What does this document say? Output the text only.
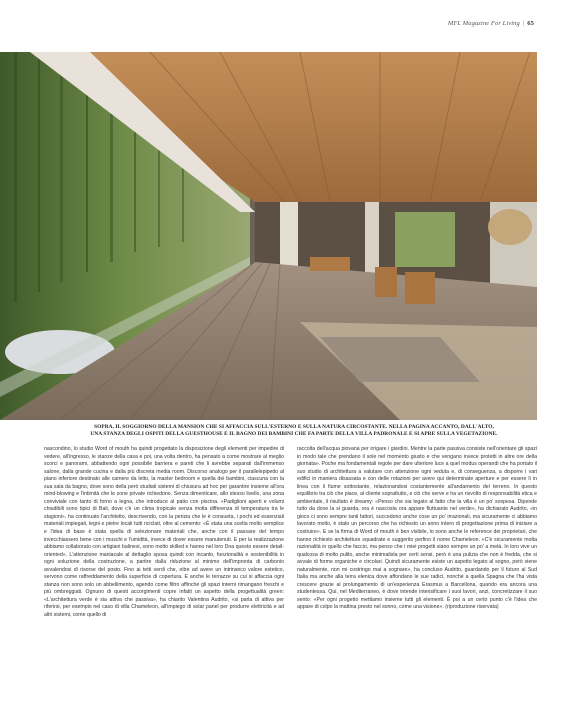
MFL Magazine For Living | 65
SOPRA, IL SOGGIORNO DELLA MANSION CHE SI AFFACCIA SULL'ESTERNO E SULLA NATURA CIRCOSTANTE. NELLA PAGINA ACCANTO, DALL'ALTO, UNA STANZA DEGLI OSPITI DELLA GUESTHOUSE E IL BAGNO DEI BAMBINI CHE FA PARTE DELLA VILLA PADRONALE E SI APRE SULLA VEGETAZIONE.
nascondino, lo studio Word of mouth ha quindi progettato la disposizione degli elementi per impedire di vedere, all'ingresso, le stanze della casa e poi, una volta dentro, ha pensato a come mostrare al meglio scorci e panorami, abbattendo ogni possibile barriera e pareti che li avrebbe separati dall'immenso salone, dalla grande cucina e dalla più discreta media room. Discorso analogo per il parallelepipedo al piano inferiore destinato alle camere da letto, la master bedroom e quella dei bambini, ciascuna con la sua sala da bagno, dove sono della però studiati sistemi di chiusura ad hoc per garantire insieme all'ora mind-blowing e l'intimità che le zone private richiedono. Senza dimenticare, allo stesso livello, una zona conviviale con tanto di forno a legna, che introduce al patio con piscina. «Padiglioni aperti e volumi chiudibili sono tipici di Bali, dove c'è un clima tropicale senza molta differenza di temperatura tra le stagioni», ha continuato l'architetto, descrivendo, con la perizia che le è consueta, i pochi ed essenziali materiali impiegati, legni e pietre locali tutti riciclati, oltre al cemento: «È stata una scelta molto semplice e l'idea di base è stata quella di selezionare materiali che, anche con il passare del tempo invecchiassero bene con i muschi e l'umidità, invece di dover essere manutenuti. E per la realizzazione abbiamo collaborato con artigiani balinesi, sono molto skilled e hanno nel loro Dna questo essere detail-oriented». L'attenzione maniacale al dettaglio sposa quindi con incanto, funzionalità e sostenibilità in ogni soluzione della costruzione, a partire dalla riduzione al minimo dell'impronta di carbonio avvalendosi di risorse del posto. Fino ai tetti verdi che, oltre ad avere un intrinseco valore estetico, servono come raffreddamento della superficie di copertura. E anche le terrazze su cui si affaccia ogni stanza non sono solo un abbellimento, agendo come filtro affinché gli spazi interni rimangano freschi e più ombreggiati. Ognuno di questi accorgimenti copre infatti un aspetto della progettualità green: «L'architettura verde è sia attiva che passiva», ha chiarito Valentina Audrito, «si parla di attiva per riferirsi, per esempio nel caso di villa Chameleon, all'impiego di solar panel per produrre elettricità e ad altri sistemi, come quello di
raccolta dell'acqua piovana per irrigare i giardini. Mentre la parte passiva consiste nell'orientare gli spazi in modo tale che prendano il sole nel momento giusto e che vengano invece protetti in altre ore della giornata». Poche ma fondamentali regole per dare ulteriore luce a quel modus operandi che ha portato il suo studio di architettura a valutare con attenzione ogni veduta e, di conseguenza, a disporre i vari edifici in maniera disassata e con delle rotazioni per avere qui determinate aperture e per essere lì in linea con il fiume sottostante, relazionandosi costantemente all'andamento del terreno. In questo equilibrio tra ciò che piace, al cliente soprattutto, e ciò che serve e ha un risvolto di responsabilità etica e ambientale, il risultato è dreamy: «Penso che sia legato al fatto che la villa è un po' sospesa. Dipende tutto da dove la si guarda, ora è nascosta ora appare fluttuante nel verde», ha dichiarato Audrito, «in gioco ci sono sempre tanti fattori, succedono anche cose un po' irrazionali, ma sicuramente ci abbiamo lavorato molto, è stato un percorso che ha richiesto un anno intero di progettazione prima di iniziare a costruire». E se la firma di Word of mouth è ben visibile, lo sono anche le reference dei proprietari, che hanno richiesto architetture squadrate e suggerito perfino il nome Chameleon. «C'è sicuramente molta razionalità in quello che faccio, ma penso che i miei progetti siano sempre un po' a metà. In loro vive un qualcosa di molto pulito, anche minimalista per certi sensi, però è una pulizia che non è fredda, che si avvale di forme organiche e circolari. Quindi sicuramente esiste un aspetto legato al sogno, però viene naturalmente, non mi costringo mai a sognare», ha concluso Audrito, guardando per il futuro al Sud Italia ma anche alla terra elenica dove affondano le sue radici, nonché a quella Spagna che l'ha vista crescere grazie al prolungamento di un'esperienza Erasmus a Barcellona, quando era ancora una studentessa. Qui, nel Mediterraneo, è dove intende intensificare i suoi lavori, anzi, concretizzare il suo sento: «Per ogni progetto mettiamo insieme tutti gli elementi. È poi a un certo punto c'è l'idea che appare di colpo la mattina presto nel sonno, come una visione». (riproduzione riservata)
